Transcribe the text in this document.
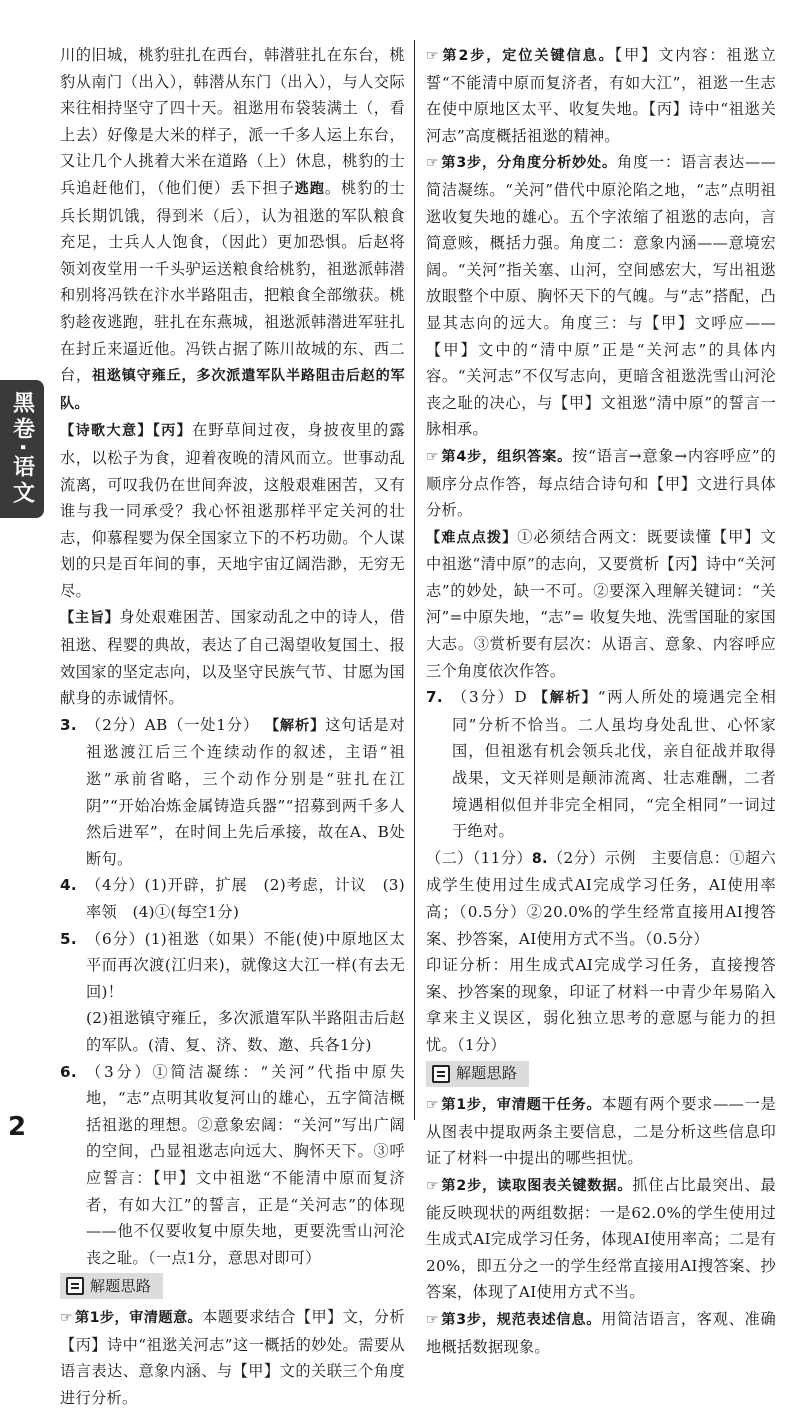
黑卷·语文

川的旧城，桃豹驻扎在西台，韩潜驻扎在东台，桃豹从南门（出入），韩潜从东门（出入），与人交际来往相持坚守了四十天。祖逖用布袋装满土（，看上去）好像是大米的样子，派一千多人运上东台，又让几个人挑着大米在道路（上）休息，桃豹的士兵追赶他们，（他们便）丢下担子逃跑。桃豹的士兵长期饥饿，得到米（后），认为祖逖的军队粮食充足，士兵人人饱食，（因此）更加恐惧。后赵将领刘夜堂用一千头驴运送粮食给桃豹，祖逖派韩潜和别将冯铁在汴水半路阻击，把粮食全部缴获。桃豹趁夜逃跑，驻扎在东燕城，祖逖派韩潜进军驻扎在封丘来逼近他。冯铁占据了陈川故城的东、西二台，祖逖镇守雍丘，多次派遣军队半路阻击后赵的军队。

【诗歌大意】【丙】在野草间过夜，身披夜里的露水，以松子为食，迎着夜晚的清风而立。世事动乱流离，可叹我仍在世间奔波，这般艰难困苦，又有谁与我一同承受？我心怀祖逖那样平定关河的壮志，仰慕程婴为保全国家立下的不朽功勋。个人谋划的只是百年间的事，天地宇宙辽阔浩渺，无穷无尽。

【主旨】身处艰难困苦、国家动乱之中的诗人，借祖逖、程婴的典故，表达了自己渴望收复国土、报效国家的坚定志向，以及坚守民族气节、甘愿为国献身的赤诚情怀。

3. （2分）AB（一处1分） 【解析】这句话是对祖逖渡江后三个连续动作的叙述，主语“祖逖”承前省略，三个动作分别是“驻扎在江阴”“开始冶炼金属铸造兵器”“招募到两千多人然后进军”，在时间上先后承接，故在A、B处断句。

4. （4分）(1)开辟，扩展　(2)考虑，计议　(3)率领　(4)①(每空1分)

5. （6分）(1)祖逖（如果）不能(使)中原地区太平而再次渡(江归来)，就像这大江一样(有去无回)！

(2)祖逖镇守雍丘，多次派遣军队半路阻击后赵的军队。(清、复、济、数、邀、兵各1分)

6. （3分）①简洁凝练：“关河”代指中原失地，“志”点明其收复河山的雄心，五字简洁概括祖逖的理想。②意象宏阔：“关河”写出广阔的空间，凸显祖逖志向远大、胸怀天下。③呼应誓言：【甲】文中祖逖“不能清中原而复济者，有如大江”的誓言，正是“关河志”的体现——他不仅要收复中原失地，更要洗雪山河沦丧之耻。（一点1分，意思对即可）

解题思路

☞ 第1步，审清题意。本题要求结合【甲】文，分析【丙】诗中“祖逖关河志”这一概括的妙处。需要从语言表达、意象内涵、与【甲】文的关联三个角度进行分析。

☞ 第2步，定位关键信息。【甲】文内容：祖逖立誓“不能清中原而复济者，有如大江”，祖逖一生志在使中原地区太平、收复失地。【丙】诗中“祖逖关河志”高度概括祖逖的精神。

☞ 第3步，分角度分析妙处。角度一：语言表达——简洁凝练。“关河”借代中原沦陷之地，“志”点明祖逖收复失地的雄心。五个字浓缩了祖逖的志向，言简意赅，概括力强。角度二：意象内涵——意境宏阔。“关河”指关塞、山河，空间感宏大，写出祖逖放眼整个中原、胸怀天下的气魄。与“志”搭配，凸显其志向的远大。角度三：与【甲】文呼应——【甲】文中的“清中原”正是“关河志”的具体内容。“关河志”不仅写志向，更暗含祖逖洗雪山河沦丧之耻的决心，与【甲】文祖逖“清中原”的誓言一脉相承。

☞ 第4步，组织答案。按“语言→意象→内容呼应”的顺序分点作答，每点结合诗句和【甲】文进行具体分析。

【难点点拨】①必须结合两文：既要读懂【甲】文中祖逖“清中原”的志向，又要赏析【丙】诗中“关河志”的妙处，缺一不可。②要深入理解关键词：“关河”=中原失地，“志”= 收复失地、洗雪国耻的家国大志。③赏析要有层次：从语言、意象、内容呼应三个角度依次作答。

7. （3分）D 【解析】“两人所处的境遇完全相同”分析不恰当。二人虽均身处乱世、心怀家国，但祖逖有机会领兵北伐，亲自征战并取得战果，文天祥则是颠沛流离、壮志难酬，二者境遇相似但并非完全相同，“完全相同”一词过于绝对。

（二）（11分）8.（2分）示例　主要信息：①超六成学生使用过生成式AI完成学习任务，AI使用率高；（0.5分）②20.0%的学生经常直接用AI搜答案、抄答案，AI使用方式不当。（0.5分）

印证分析：用生成式AI完成学习任务，直接搜答案、抄答案的现象，印证了材料一中青少年易陷入拿来主义误区，弱化独立思考的意愿与能力的担忧。（1分）

解题思路

☞ 第1步，审清题干任务。本题有两个要求——一是从图表中提取两条主要信息，二是分析这些信息印证了材料一中提出的哪些担忧。

☞ 第2步，读取图表关键数据。抓住占比最突出、最能反映现状的两组数据：一是62.0%的学生使用过生成式AI完成学习任务，体现AI使用率高；二是有20%，即五分之一的学生经常直接用AI搜答案、抄答案，体现了AI使用方式不当。

☞ 第3步，规范表述信息。用简洁语言，客观、准确地概括数据现象。

2
